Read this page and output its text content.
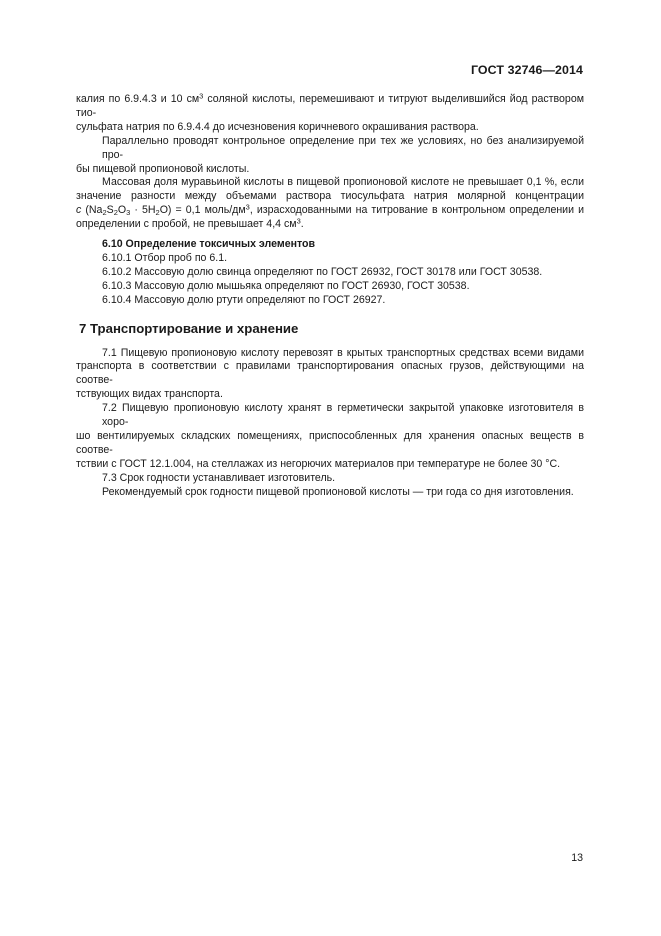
ГОСТ 32746—2014
калия по 6.9.4.3 и 10 $см^3$ соляной кислоты, перемешивают и титруют выделившийся йод раствором тио-
сульфата натрия по 6.9.4.4 до исчезновения коричневого окрашивания раствора.
Параллельно проводят контрольное определение при тех же условиях, но без анализируемой про-
бы пищевой пропионовой кислоты.
Массовая доля муравьиной кислоты в пищевой пропионовой кислоте не превышает 0,1 %, если
значение разности между объемами раствора тиосульфата натрия молярной концентрации
c $(Na_2S_2O_3 \cdot 5H_2O) = 0,1$ моль/$дм^3$, израсходованными на титрование в контрольном определении и
определении с пробой, не превышает 4,4 $см^3$.
6.10 Определение токсичных элементов
6.10.1 Отбор проб по 6.1.
6.10.2 Массовую долю свинца определяют по ГОСТ 26932, ГОСТ 30178 или ГОСТ 30538.
6.10.3 Массовую долю мышьяка определяют по ГОСТ 26930, ГОСТ 30538.
6.10.4 Массовую долю ртути определяют по ГОСТ 26927.
7 Транспортирование и хранение
7.1 Пищевую пропионовую кислоту перевозят в крытых транспортных средствах всеми видами
транспорта в соответствии с правилами транспортирования опасных грузов, действующими на соотве-
тствующих видах транспорта.
7.2 Пищевую пропионовую кислоту хранят в герметически закрытой упаковке изготовителя в хоро-
шо вентилируемых складских помещениях, приспособленных для хранения опасных веществ в соотве-
тствии с ГОСТ 12.1.004, на стеллажах из негорючих материалов при температуре не более 30 °С.
7.3 Срок годности устанавливает изготовитель.
Рекомендуемый срок годности пищевой пропионовой кислоты — три года со дня изготовления.
13
